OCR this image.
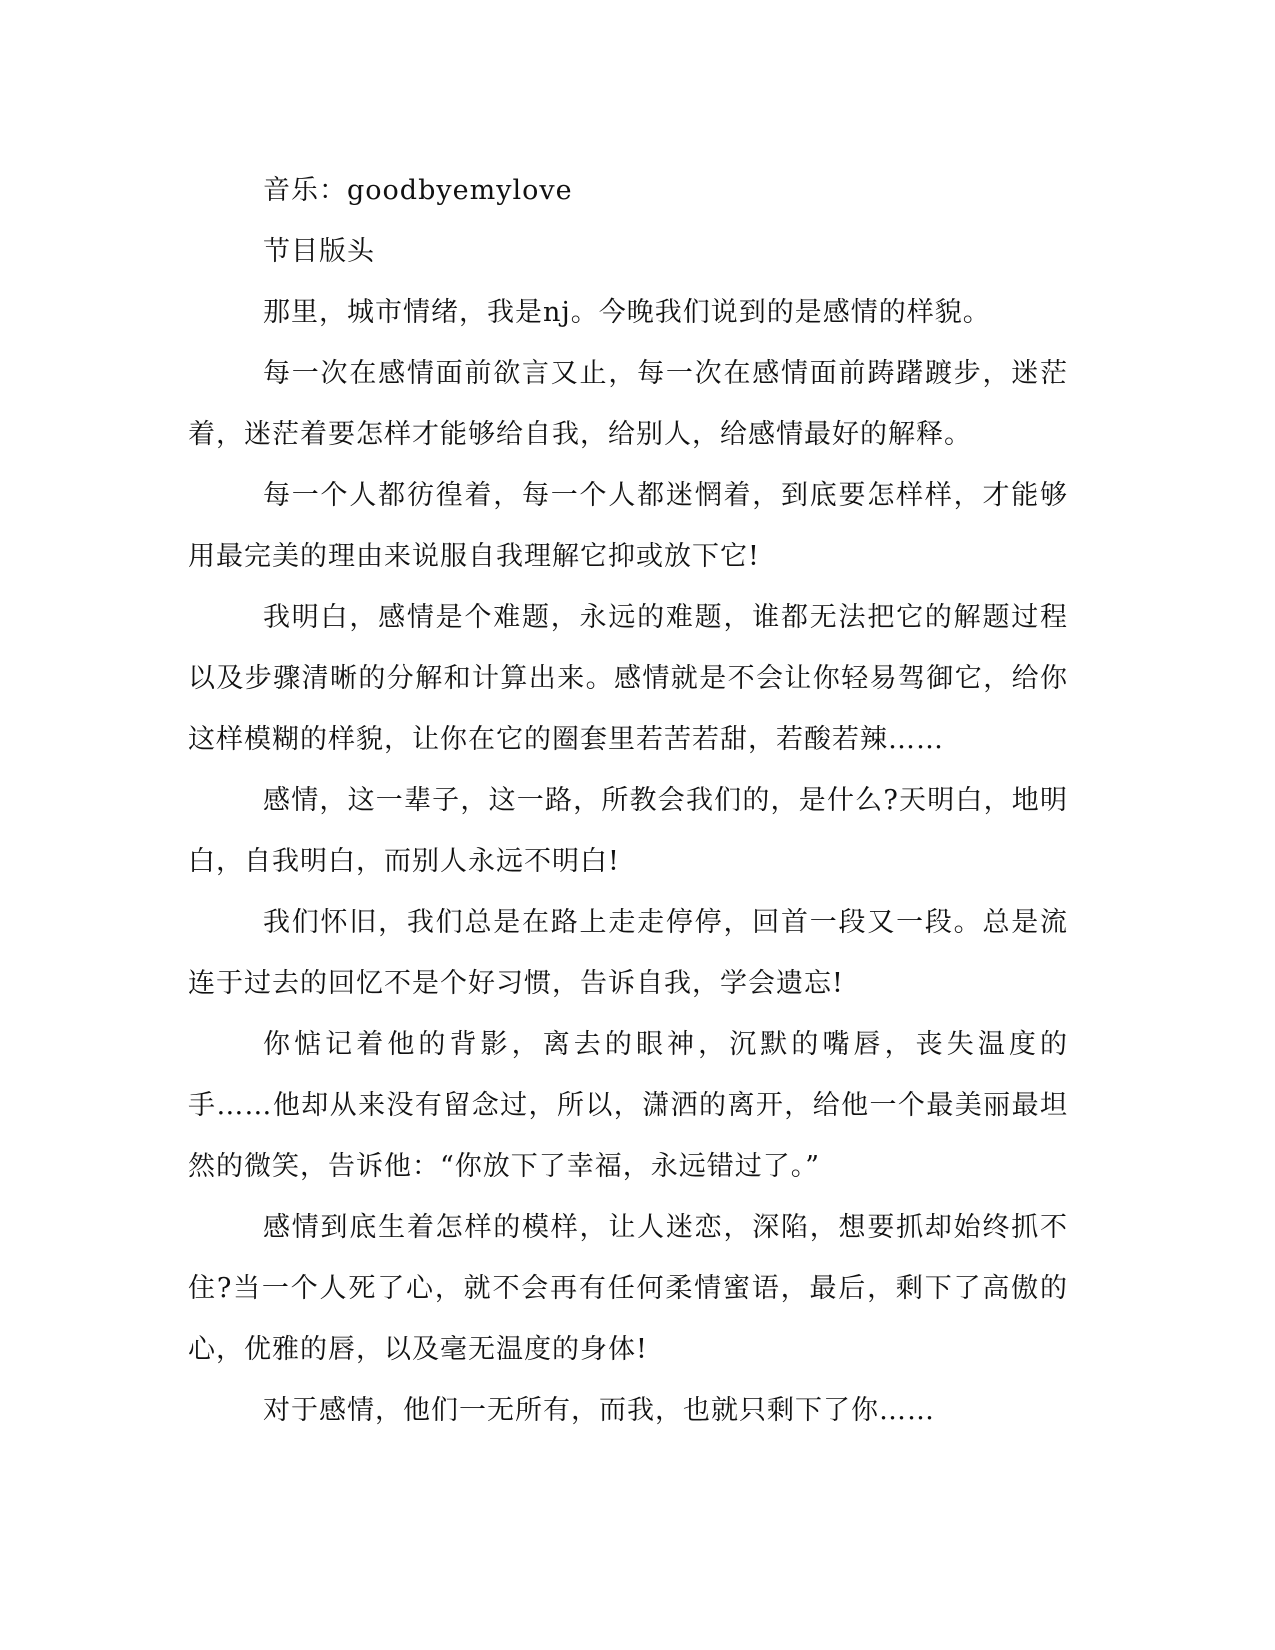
音乐：goodbyemylove

节目版头

那里，城市情绪，我是nj。今晚我们说到的是感情的样貌。

每一次在感情面前欲言又止，每一次在感情面前踌躇踱步，迷茫着，迷茫着要怎样才能够给自我，给别人，给感情最好的解释。

每一个人都彷徨着，每一个人都迷惘着，到底要怎样样，才能够用最完美的理由来说服自我理解它抑或放下它!

我明白，感情是个难题，永远的难题，谁都无法把它的解题过程以及步骤清晰的分解和计算出来。感情就是不会让你轻易驾御它，给你这样模糊的样貌，让你在它的圈套里若苦若甜，若酸若辣……

感情，这一辈子，这一路，所教会我们的，是什么?天明白，地明白，自我明白，而别人永远不明白!

我们怀旧，我们总是在路上走走停停，回首一段又一段。总是流连于过去的回忆不是个好习惯，告诉自我，学会遗忘!

你惦记着他的背影，离去的眼神，沉默的嘴唇，丧失温度的手……他却从来没有留念过，所以，潇洒的离开，给他一个最美丽最坦然的微笑，告诉他：“你放下了幸福，永远错过了。”

感情到底生着怎样的模样，让人迷恋，深陷，想要抓却始终抓不住?当一个人死了心，就不会再有任何柔情蜜语，最后，剩下了高傲的心，优雅的唇，以及毫无温度的身体!

对于感情，他们一无所有，而我，也就只剩下了你……
